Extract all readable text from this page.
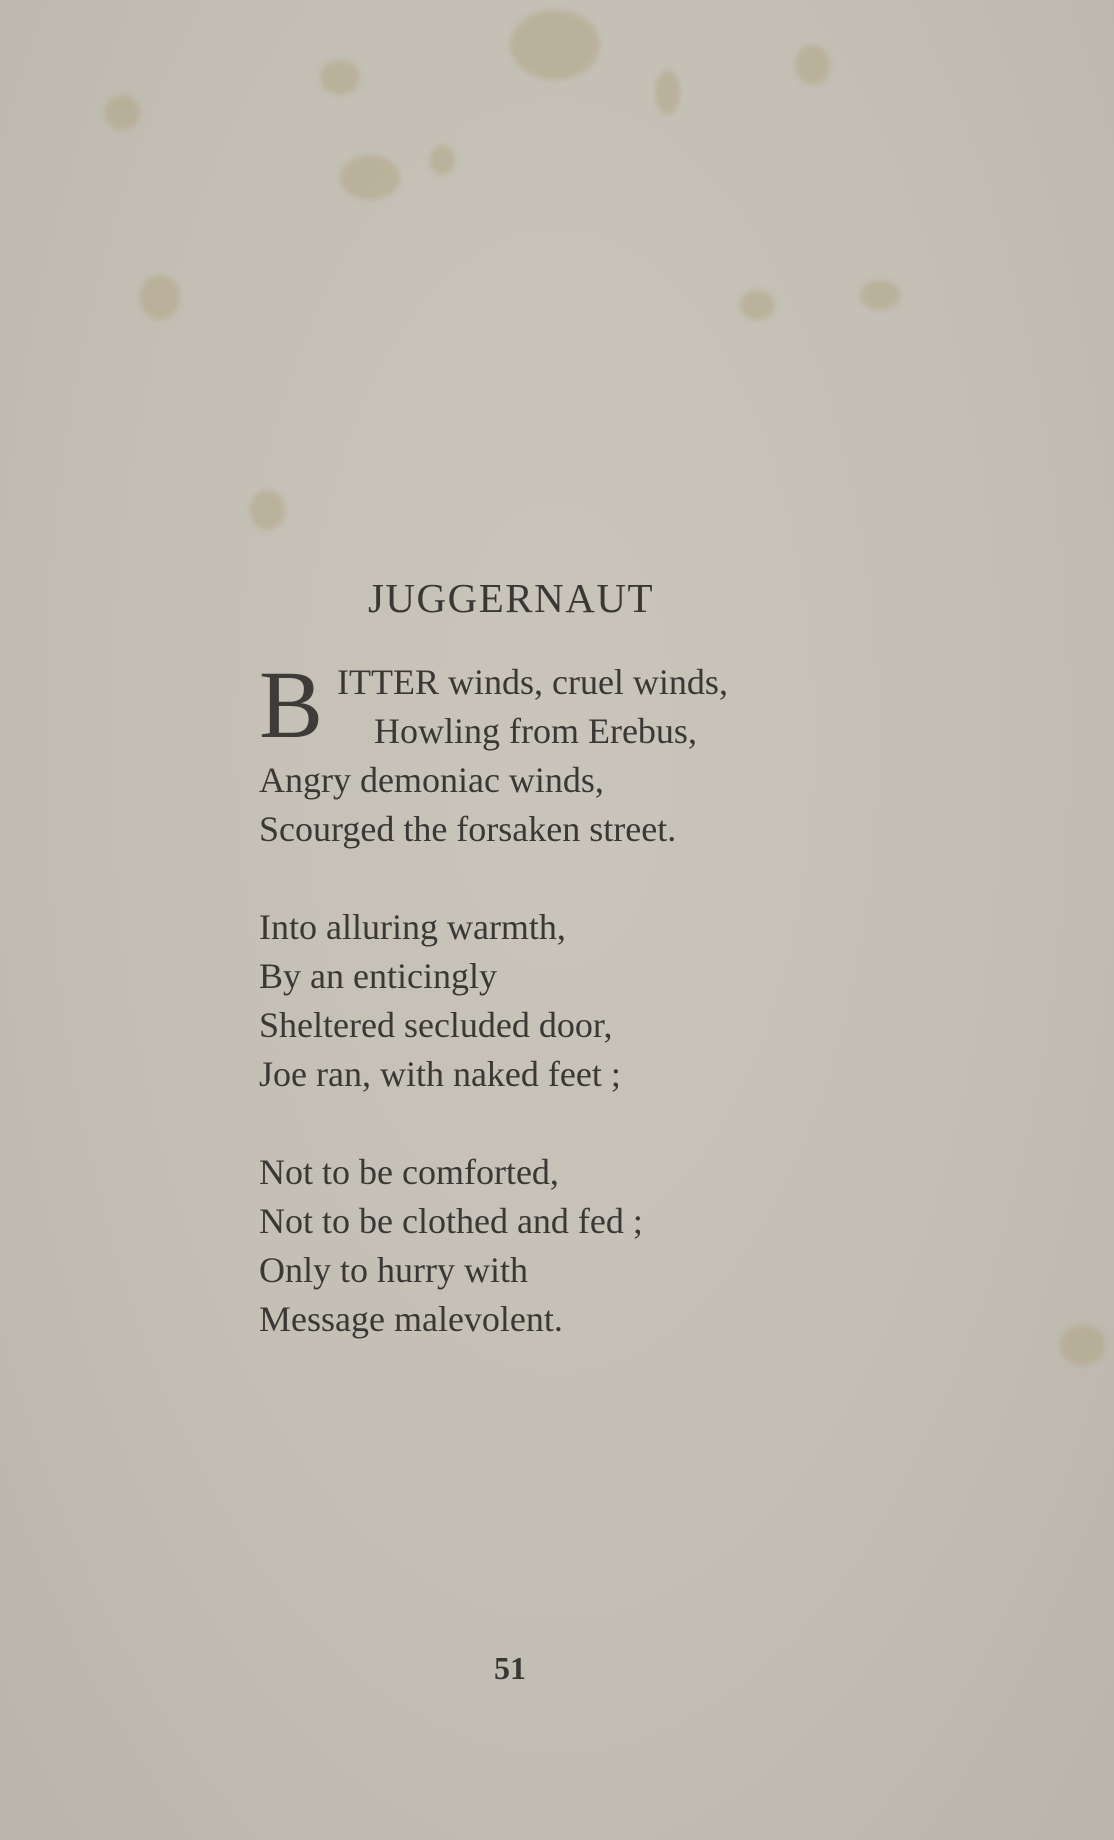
JUGGERNAUT
B ITTER winds, cruel winds,
Howling from Erebus,
Angry demoniac winds,
Scourged the forsaken street.
Into alluring warmth,
By an enticingly
Sheltered secluded door,
Joe ran, with naked feet ;
Not to be comforted,
Not to be clothed and fed ;
Only to hurry with
Message malevolent.
51
